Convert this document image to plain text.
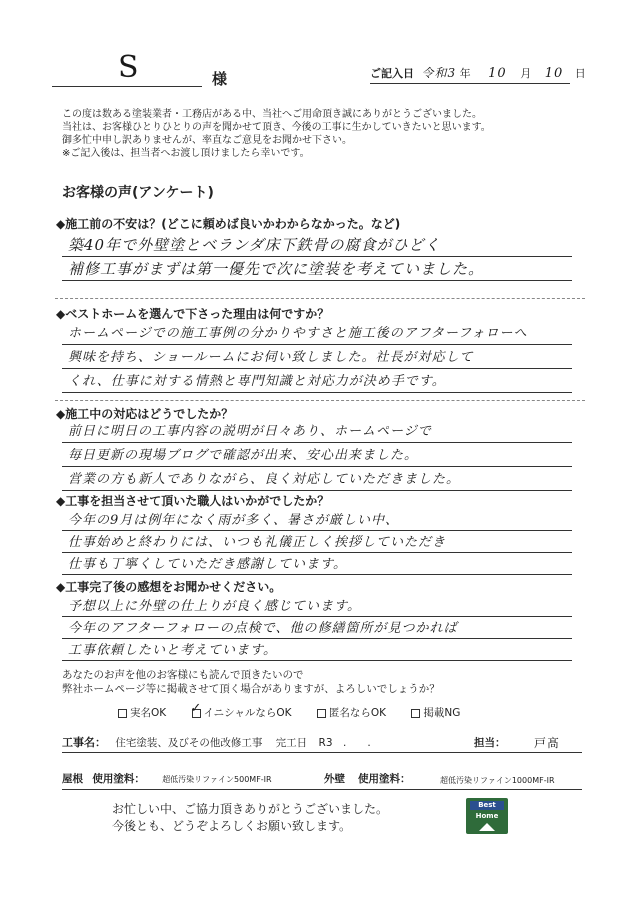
S	様	ご記入日 令和3 年 10 月 10 日
この度は数ある塗装業者・工務店がある中、当社へご用命頂き誠にありがとうございました。
当社は、お客様ひとりひとりの声を聞かせて頂き、今後の工事に生かしていきたいと思います。
御多忙中申し訳ありませんが、率直なご意見をお聞かせ下さい。
※ご記入後は、担当者へお渡し頂けましたら幸いです。
お客様の声(アンケート)
◆施工前の不安は？(どこに頼めば良いかわからなかった。など)
築40年で外壁塗とベランダ床下鉄骨の腐食がひどく
補修工事がまずは第一優先で次に塗装を考えていました。
◆ベストホームを選んで下さった理由は何ですか？
ホームページでの施工事例の分かりやすさと施工後のアフターフォローへ
興味を持ち、ショールームにお伺い致しました。社長が対応して
くれ、仕事に対する情熱と専門知識と対応力が決め手です。
◆施工中の対応はどうでしたか？
前日に明日の工事内容の説明が日々あり、ホームページで
毎日更新の現場ブログで確認が出来、安心出来ました。
営業の方も新人でありながら、良く対応していただきました。
◆工事を担当させて頂いた職人はいかがでしたか？
今年の9月は例年になく雨が多く、暑さが厳しい中、
仕事始めと終わりには、いつも礼儀正しく挨拶していただき
仕事も丁寧くしていただき感謝しています。
◆工事完了後の感想をお聞かせください。
予想以上に外壁の仕上りが良く感じています。
今年のアフターフォローの点検で、他の修繕箇所が見つかれば
工事依頼したいと考えています。
あなたのお声を他のお客様にも読んで頂きたいので
弊社ホームページ等に掲載させて頂く場合がありますが、よろしいでしょうか？
実名OK ✓ イニシャルならOK	匿名ならOK	掲載NG
工事名： 住宅塗装、及びその他改修工事 完工日 R3　.　　.	担当： 戸髙
屋根 使用塗料： 超低汚染リファイン500MF-IR	外壁 使用塗料：	超低汚染リファイン1000MF-IR
お忙しい中、ご協力頂きありがとうございました。
今後とも、どうぞよろしくお願い致します。
Best
Home
